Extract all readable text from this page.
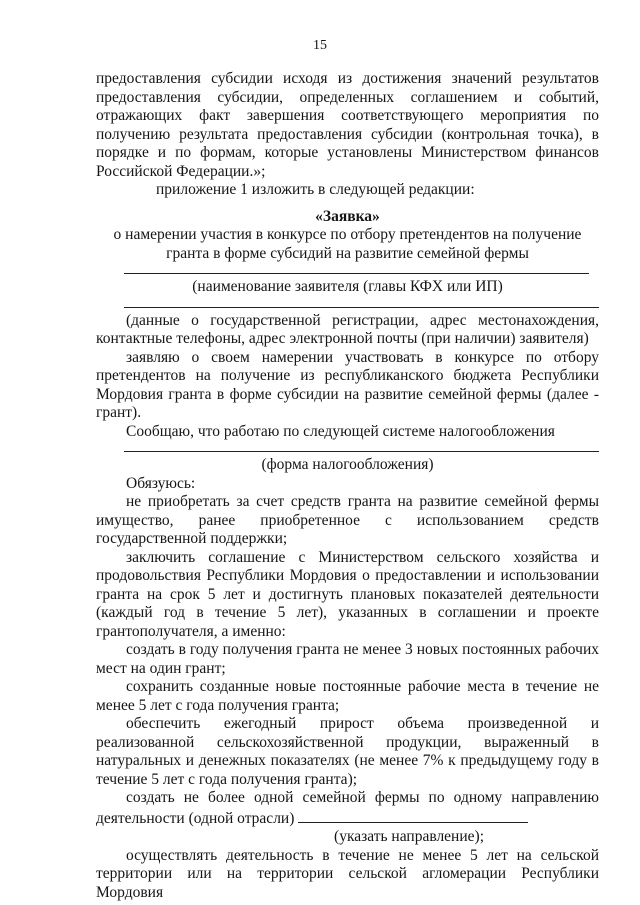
15

предоставления субсидии исходя из достижения значений результатов предоставления субсидии, определенных соглашением и событий, отражающих факт завершения соответствующего мероприятия по получению результата предоставления субсидии (контрольная точка), в порядке и по формам, которые установлены Министерством финансов Российской Федерации.»;

приложение 1 изложить в следующей редакции:

«Заявка»

о намерении участия в конкурсе по отбору претендентов на получение гранта в форме субсидий на развитие семейной фермы

(наименование заявителя (главы КФХ или ИП)

(данные о государственной регистрации, адрес местонахождения, контактные телефоны, адрес электронной почты (при наличии) заявителя)

заявляю о своем намерении участвовать в конкурсе по отбору претендентов на получение из республиканского бюджета Республики Мордовия гранта в форме субсидии на развитие семейной фермы (далее - грант).

Сообщаю, что работаю по следующей системе налогообложения

(форма налогообложения)

Обязуюсь:

не приобретать за счет средств гранта на развитие семейной фермы имущество, ранее приобретенное с использованием средств государственной поддержки;

заключить соглашение с Министерством сельского хозяйства и продовольствия Республики Мордовия о предоставлении и использовании гранта на срок 5 лет и достигнуть плановых показателей деятельности (каждый год в течение 5 лет), указанных в соглашении и проекте грантополучателя, а именно:

создать в году получения гранта не менее 3 новых постоянных рабочих мест на один грант;

сохранить созданные новые постоянные рабочие места в течение не менее 5 лет с года получения гранта;

обеспечить ежегодный прирост объема произведенной и реализованной сельскохозяйственной продукции, выраженный в натуральных и денежных показателях (не менее 7% к предыдущему году в течение 5 лет с года получения гранта);

создать не более одной семейной фермы по одному направлению деятельности (одной отрасли)

(указать направление);

осуществлять деятельность в течение не менее 5 лет на сельской территории или на территории сельской агломерации Республики Мордовия
